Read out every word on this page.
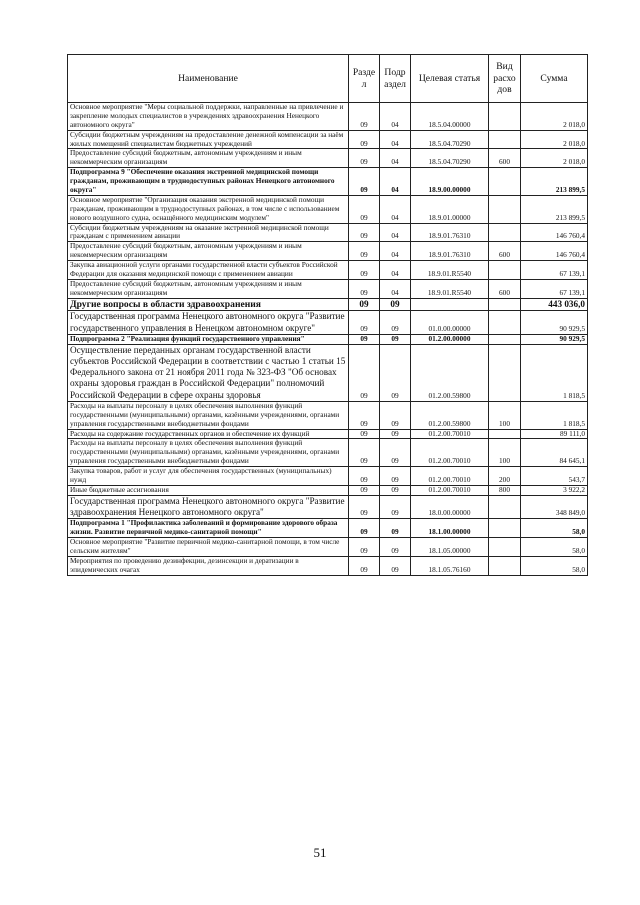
Наименование	Разде л	Подр аздел	Целевая статья	Вид расхо дов	Сумма
Основное мероприятие "Меры социальной поддержки, направленные на привлечение и закрепление молодых специалистов в учреждениях здравоохранения Ненецкого автономного округа"	09	04	18.5.04.00000		2 018,0
Субсидии бюджетным учреждениям на предоставление денежной компенсации за наём жилых помещений специалистам бюджетных учреждений	09	04	18.5.04.70290		2 018,0
Предоставление субсидий бюджетным, автономным учреждениям и иным некоммерческим организациям	09	04	18.5.04.70290	600	2 018,0
Подпрограмма 9 "Обеспечение оказания экстренной медицинской помощи гражданам, проживающим в труднодоступных районах Ненецкого автономного округа"	09	04	18.9.00.00000		213 899,5
Основное мероприятие "Организация оказания экстренной медицинской помощи гражданам, проживающим в труднодоступных районах, в том числе с использованием нового воздушного судна, оснащённого медицинским модулем"	09	04	18.9.01.00000		213 899,5
Субсидии бюджетным учреждениям на оказание экстренной медицинской помощи гражданам с применением авиации	09	04	18.9.01.76310		146 760,4
Предоставление субсидий бюджетным, автономным учреждениям и иным некоммерческим организациям	09	04	18.9.01.76310	600	146 760,4
Закупка авиационной услуги органами государственной власти субъектов Российской Федерации для оказания медицинской помощи с применением авиации	09	04	18.9.01.R5540		67 139,1
Предоставление субсидий бюджетным, автономным учреждениям и иным некоммерческим организациям	09	04	18.9.01.R5540	600	67 139,1
Другие вопросы в области здравоохранения	09	09			443 036,0
Государственная программа Ненецкого автономного округа "Развитие государственного управления в Ненецком автономном округе"	09	09	01.0.00.00000		90 929,5
Подпрограмма 2 "Реализация функций государственного управления"	09	09	01.2.00.00000		90 929,5
Осуществление переданных органам государственной власти субъектов Российской Федерации в соответствии с частью 1 статьи 15 Федерального закона от 21 ноября 2011 года № 323-ФЗ "Об основах охраны здоровья граждан в Российской Федерации" полномочий Российской Федерации в сфере охраны здоровья	09	09	01.2.00.59800		1 818,5
Расходы на выплаты персоналу в целях обеспечения выполнения функций государственными (муниципальными) органами, казёнными учреждениями, органами управления государственными внебюджетными фондами	09	09	01.2.00.59800	100	1 818,5
Расходы на содержание государственных органов и обеспечение их функций	09	09	01.2.00.70010		89 111,0
Расходы на выплаты персоналу в целях обеспечения выполнения функций государственными (муниципальными) органами, казёнными учреждениями, органами управления государственными внебюджетными фондами	09	09	01.2.00.70010	100	84 645,1
Закупка товаров, работ и услуг для обеспечения государственных (муниципальных) нужд	09	09	01.2.00.70010	200	543,7
Иные бюджетные ассигнования	09	09	01.2.00.70010	800	3 922,2
Государственная программа Ненецкого автономного округа "Развитие здравоохранения Ненецкого автономного округа"	09	09	18.0.00.00000		348 849,0
Подпрограмма 1 "Профилактика заболеваний и формирование здорового образа жизни. Развитие первичной медико-санитарной помощи"	09	09	18.1.00.00000		58,0
Основное мероприятие "Развитие первичной медико-санитарной помощи, в том числе сельским жителям"	09	09	18.1.05.00000		58,0
Мероприятия по проведению дезинфекции, дезинсекции и дератизации в эпидемических очагах	09	09	18.1.05.76160		58,0
51
